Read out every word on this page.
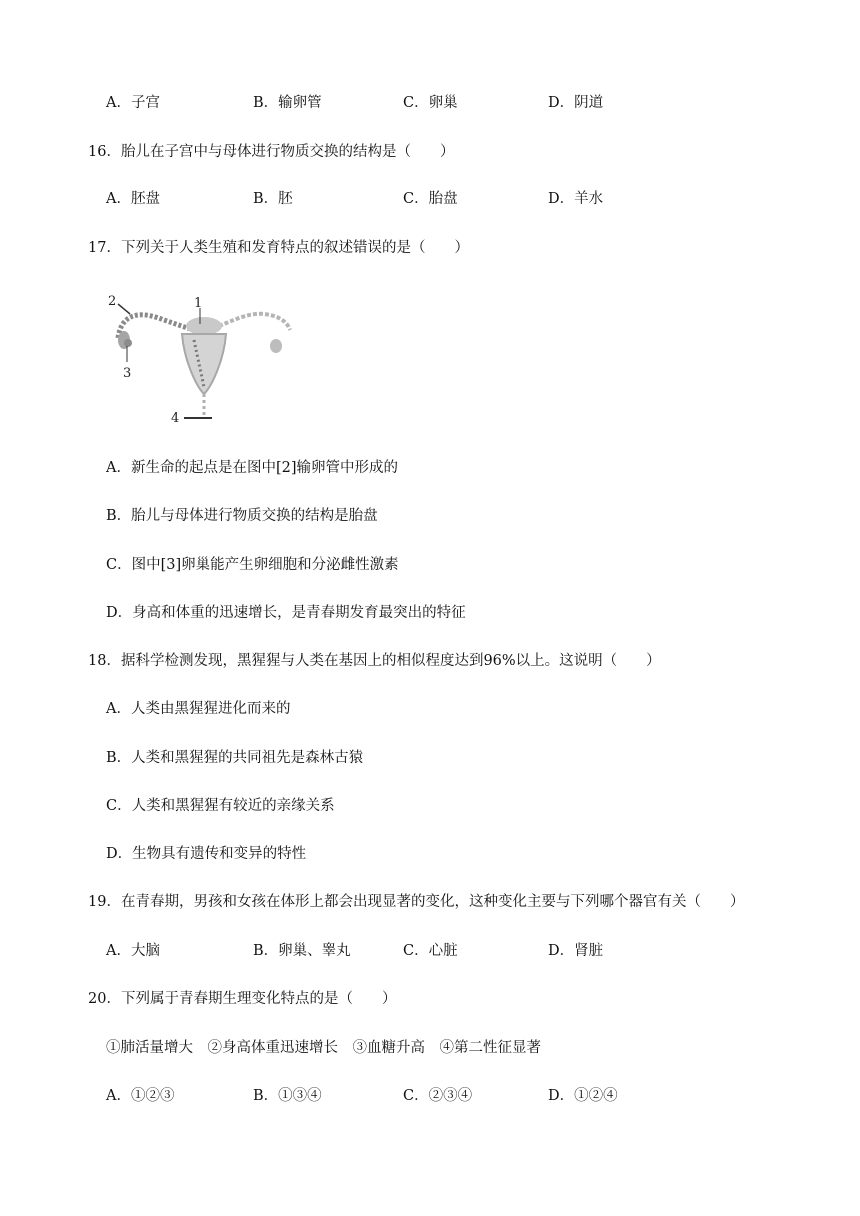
A．子宫	B．输卵管	C．卵巢	D．阴道
16．胎儿在子宫中与母体进行物质交换的结构是（　　）
A．胚盘	B．胚	C．胎盘	D．羊水
17．下列关于人类生殖和发育特点的叙述错误的是（　　）
1
2
3
4
A．新生命的起点是在图中[2]输卵管中形成的
B．胎儿与母体进行物质交换的结构是胎盘
C．图中[3]卵巢能产生卵细胞和分泌雌性激素
D．身高和体重的迅速增长，是青春期发育最突出的特征
18．据科学检测发现，黑猩猩与人类在基因上的相似程度达到96%以上。这说明（　　）
A．人类由黑猩猩进化而来的
B．人类和黑猩猩的共同祖先是森林古猿
C．人类和黑猩猩有较近的亲缘关系
D．生物具有遗传和变异的特性
19．在青春期，男孩和女孩在体形上都会出现显著的变化，这种变化主要与下列哪个器官有关（　　）
A．大脑	B．卵巢、睾丸	C．心脏	D．肾脏
20．下列属于青春期生理变化特点的是（　　）
①肺活量增大　②身高体重迅速增长　③血糖升高　④第二性征显著
A．①②③	B．①③④	C．②③④	D．①②④
